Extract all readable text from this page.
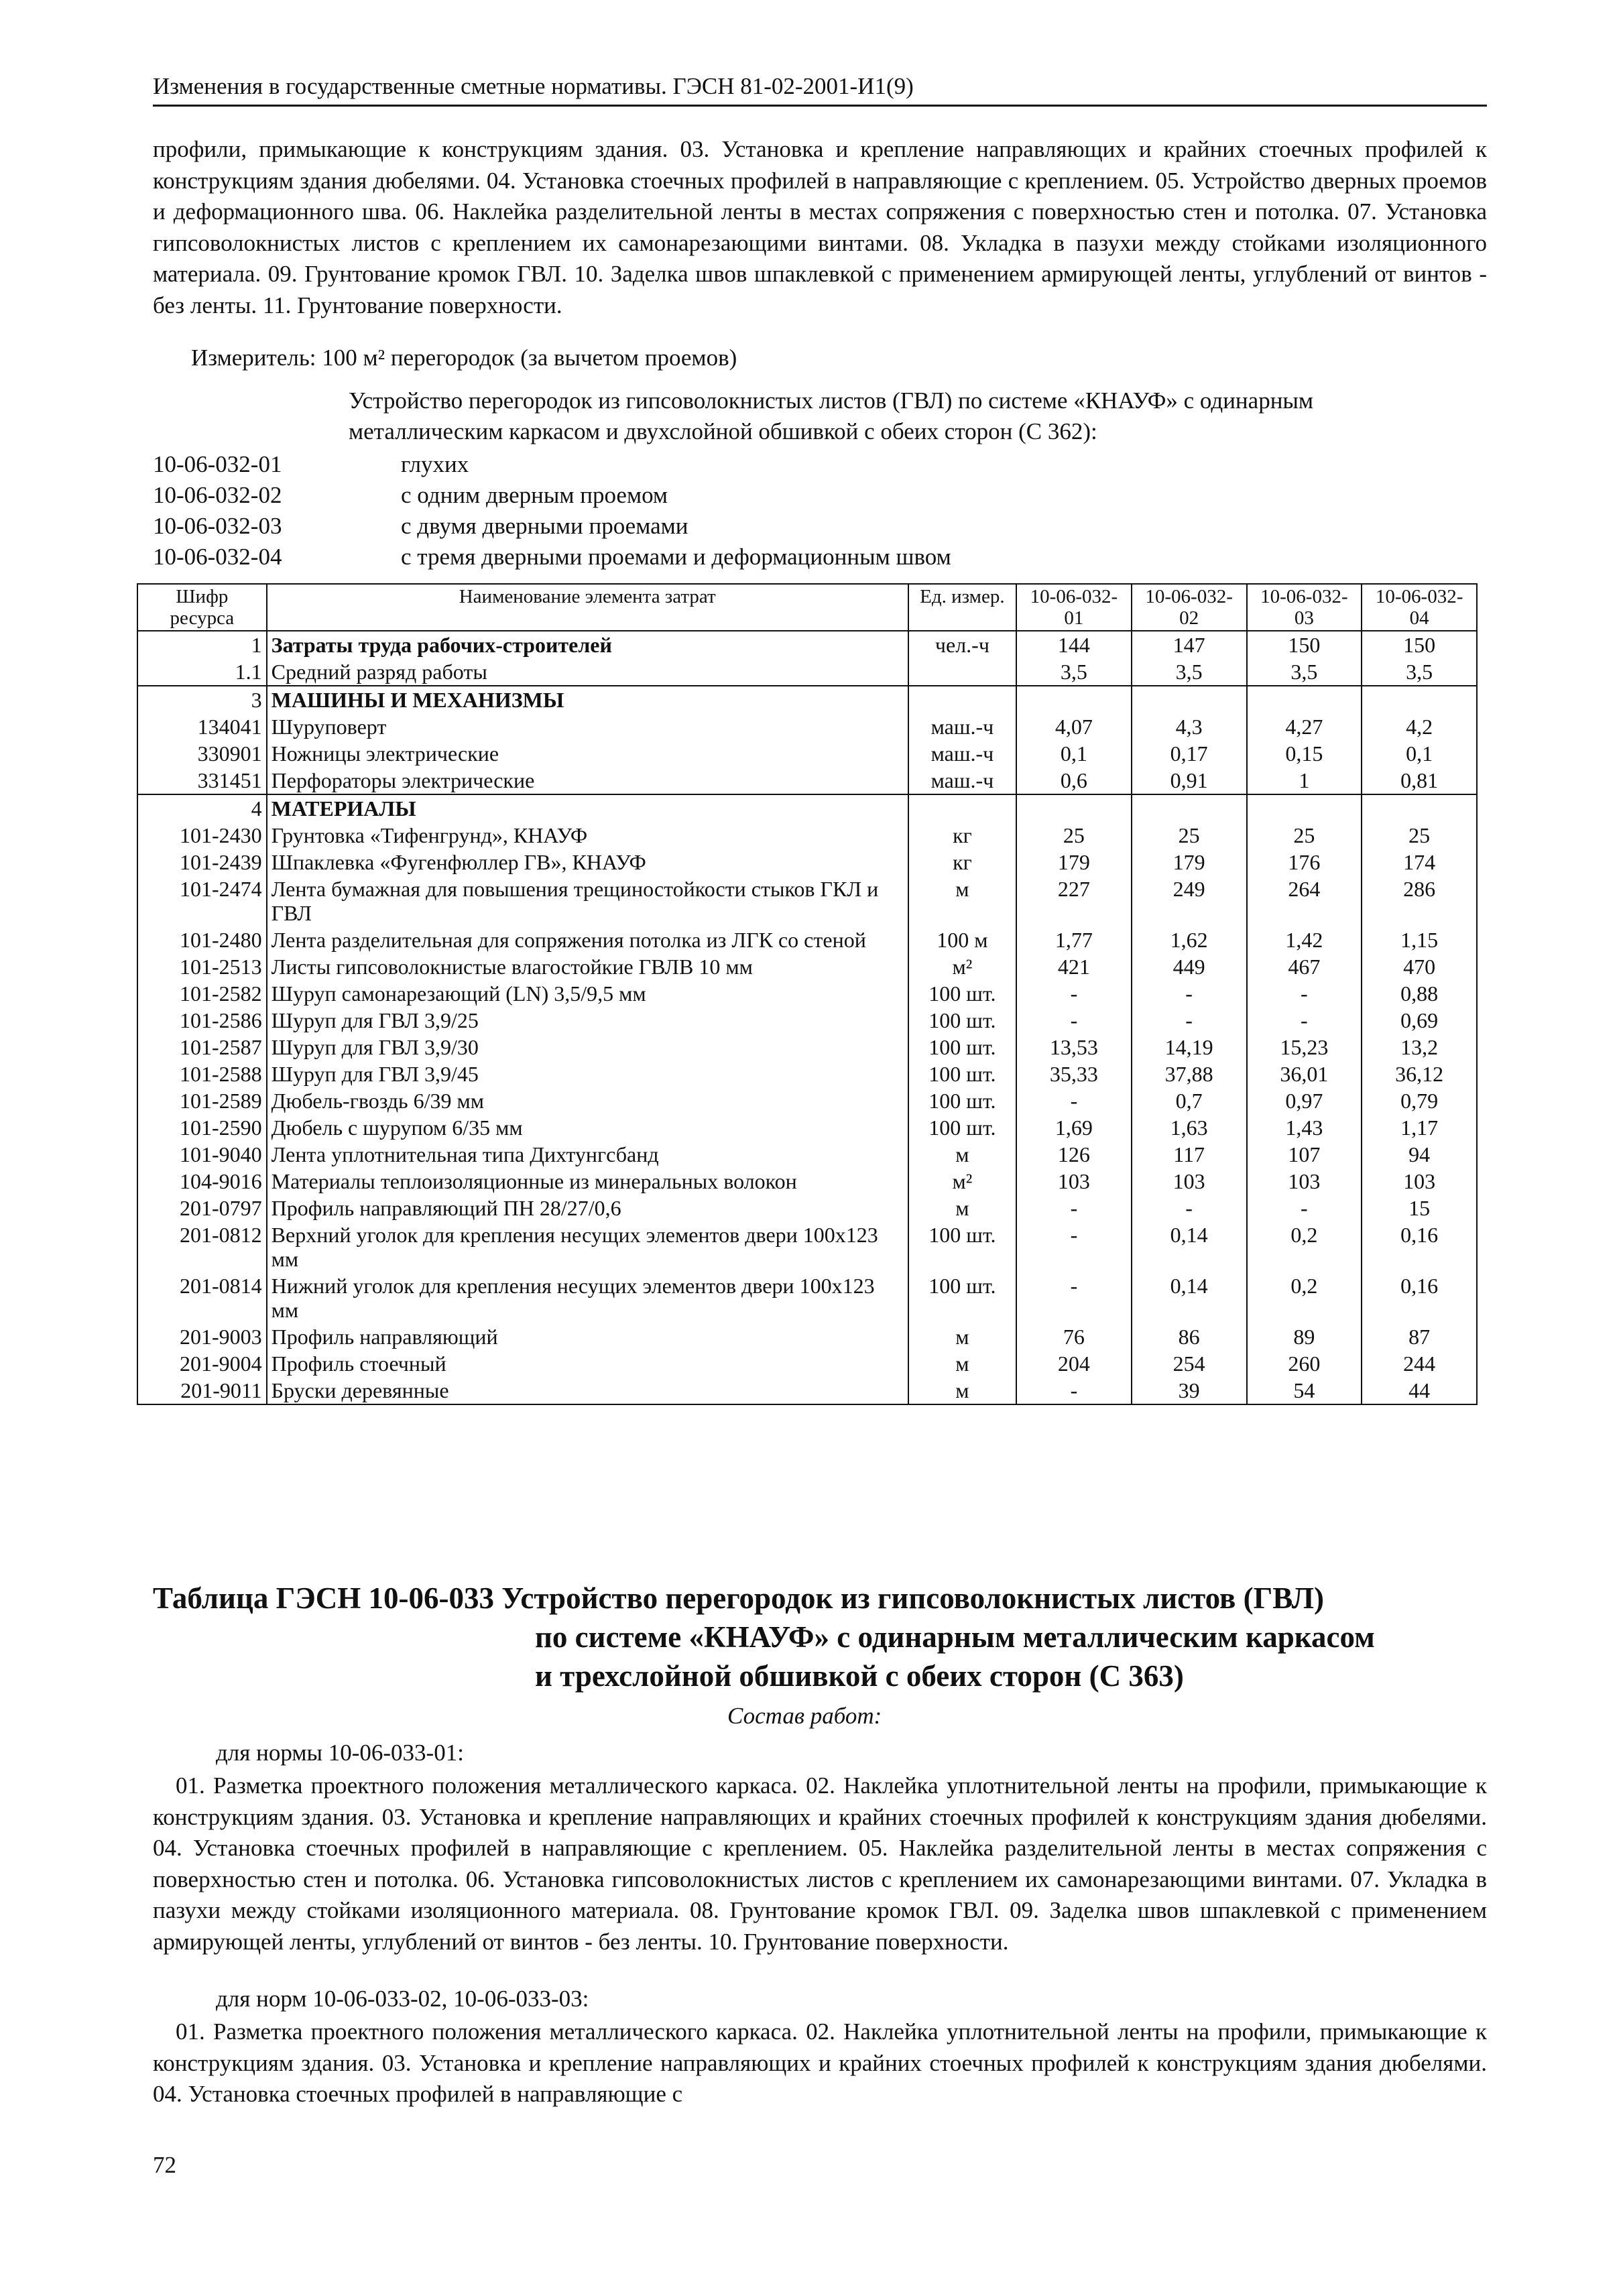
Изменения в государственные сметные нормативы. ГЭСН 81-02-2001-И1(9)

профили, примыкающие к конструкциям здания. 03. Установка и крепление направляющих и крайних стоечных профилей к конструкциям здания дюбелями. 04. Установка стоечных профилей в направляющие с креплением. 05. Устройство дверных проемов и деформационного шва. 06. Наклейка разделительной ленты в местах сопряжения с поверхностью стен и потолка. 07. Установка гипсоволокнистых листов с креплением их самонарезающими винтами. 08. Укладка в пазухи между стойками изоляционного материала. 09. Грунтование кромок ГВЛ. 10. Заделка швов шпаклевкой с применением армирующей ленты, углублений от винтов - без ленты. 11. Грунтование поверхности.

Измеритель: 100 м² перегородок (за вычетом проемов)
Устройство перегородок из гипсоволокнистых листов (ГВЛ) по системе «КНАУФ» с одинарным металлическим каркасом и двухслойной обшивкой с обеих сторон (С 362):
10-06-032-01	глухих
10-06-032-02	с одним дверным проемом
10-06-032-03	с двумя дверными проемами
10-06-032-04	с тремя дверными проемами и деформационным швом
Шифр ресурса	Наименование элемента затрат	Ед. измер.	10-06-032-01	10-06-032-02	10-06-032-03	10-06-032-04
1	Затраты труда рабочих-строителей	чел.-ч	144	147	150	150
1.1	Средний разряд работы		3,5	3,5	3,5	3,5
3	МАШИНЫ И МЕХАНИЗМЫ					
134041	Шуруповерт	маш.-ч	4,07	4,3	4,27	4,2
330901	Ножницы электрические	маш.-ч	0,1	0,17	0,15	0,1
331451	Перфораторы электрические	маш.-ч	0,6	0,91	1	0,81
4	МАТЕРИАЛЫ					
101-2430	Грунтовка «Тифенгрунд», КНАУФ	кг	25	25	25	25
101-2439	Шпаклевка «Фугенфюллер ГВ», КНАУФ	кг	179	179	176	174
101-2474	Лента бумажная для повышения трещиностойкости стыков ГКЛ и ГВЛ	м	227	249	264	286
101-2480	Лента разделительная для сопряжения потолка из ЛГК со стеной	100 м	1,77	1,62	1,42	1,15
101-2513	Листы гипсоволокнистые влагостойкие ГВЛВ 10 мм	м²	421	449	467	470
101-2582	Шуруп самонарезающий (LN) 3,5/9,5 мм	100 шт.	-	-	-	0,88
101-2586	Шуруп для ГВЛ 3,9/25	100 шт.	-	-	-	0,69
101-2587	Шуруп для ГВЛ 3,9/30	100 шт.	13,53	14,19	15,23	13,2
101-2588	Шуруп для ГВЛ 3,9/45	100 шт.	35,33	37,88	36,01	36,12
101-2589	Дюбель-гвоздь 6/39 мм	100 шт.	-	0,7	0,97	0,79
101-2590	Дюбель с шурупом 6/35 мм	100 шт.	1,69	1,63	1,43	1,17
101-9040	Лента уплотнительная типа Дихтунгсбанд	м	126	117	107	94
104-9016	Материалы теплоизоляционные из минеральных волокон	м²	103	103	103	103
201-0797	Профиль направляющий ПН 28/27/0,6	м	-	-	-	15
201-0812	Верхний уголок для крепления несущих элементов двери 100х123 мм	100 шт.	-	0,14	0,2	0,16
201-0814	Нижний уголок для крепления несущих элементов двери 100х123 мм	100 шт.	-	0,14	0,2	0,16
201-9003	Профиль направляющий	м	76	86	89	87
201-9004	Профиль стоечный	м	204	254	260	244
201-9011	Бруски деревянные	м	-	39	54	44
Таблица ГЭСН 10-06-033 Устройство перегородок из гипсоволокнистых листов (ГВЛ)
по системе «КНАУФ» с одинарным металлическим каркасом
и трехслойной обшивкой с обеих сторон (С 363)
Состав работ:
для нормы 10-06-033-01:

01. Разметка проектного положения металлического каркаса. 02. Наклейка уплотнительной ленты на профили, примыкающие к конструкциям здания. 03. Установка и крепление направляющих и крайних стоечных профилей к конструкциям здания дюбелями. 04. Установка стоечных профилей в направляющие с креплением. 05. Наклейка разделительной ленты в местах сопряжения с поверхностью стен и потолка. 06. Установка гипсоволокнистых листов с креплением их самонарезающими винтами. 07. Укладка в пазухи между стойками изоляционного материала. 08. Грунтование кромок ГВЛ. 09. Заделка швов шпаклевкой с применением армирующей ленты, углублений от винтов - без ленты. 10. Грунтование поверхности.

для норм 10-06-033-02, 10-06-033-03:

01. Разметка проектного положения металлического каркаса. 02. Наклейка уплотнительной ленты на профили, примыкающие к конструкциям здания. 03. Установка и крепление направляющих и крайних стоечных профилей к конструкциям здания дюбелями. 04. Установка стоечных профилей в направляющие с

72
